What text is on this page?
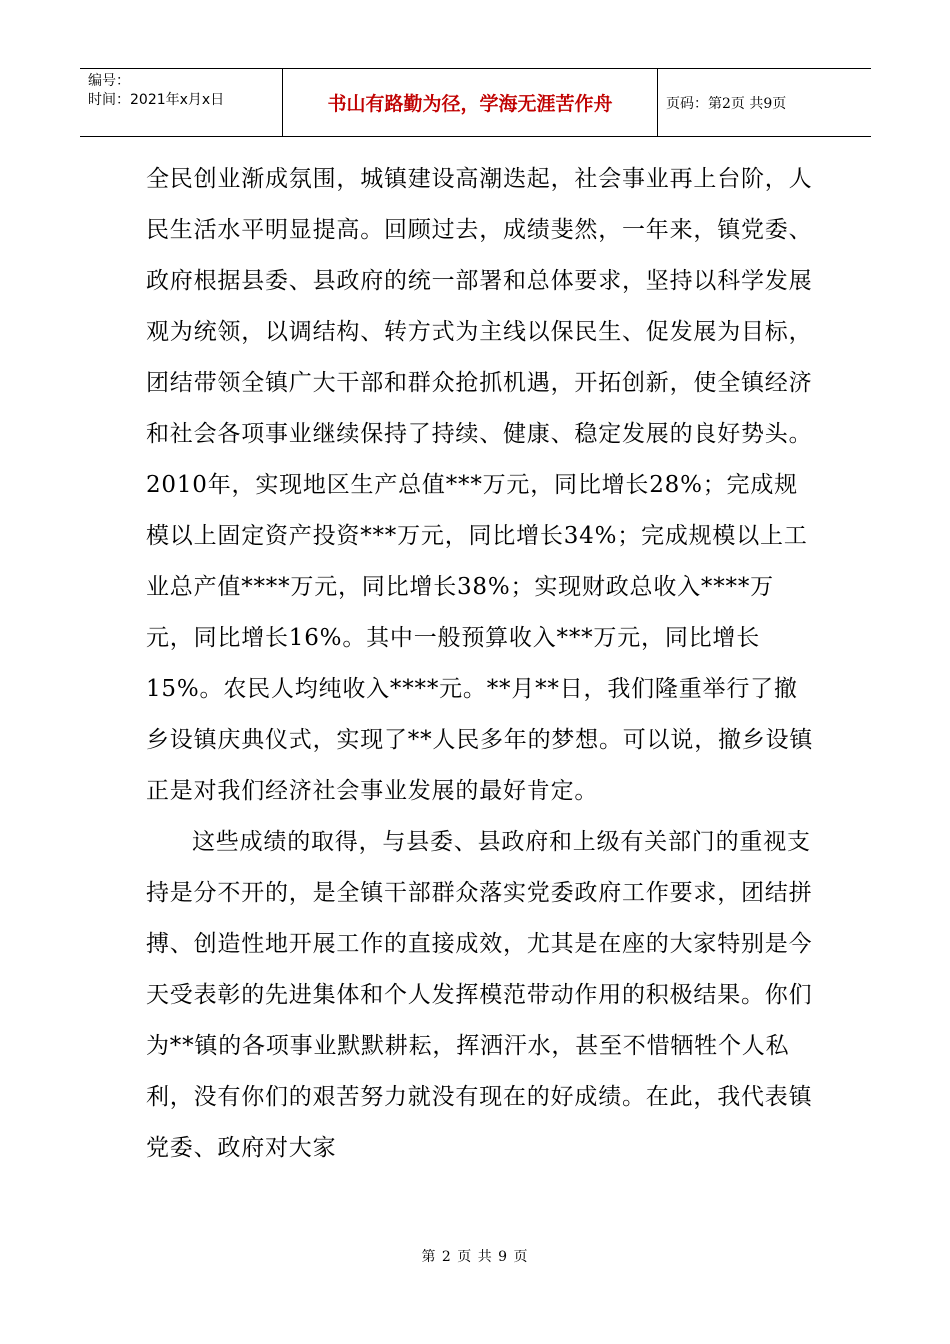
编号：
时间：2021年x月x日	书山有路勤为径，学海无涯苦作舟	页码：第2页 共9页

全民创业渐成氛围，城镇建设高潮迭起，社会事业再上台阶，人民生活水平明显提高。回顾过去，成绩斐然，一年来，镇党委、政府根据县委、县政府的统一部署和总体要求，坚持以科学发展观为统领，以调结构、转方式为主线以保民生、促发展为目标，团结带领全镇广大干部和群众抢抓机遇，开拓创新，使全镇经济和社会各项事业继续保持了持续、健康、稳定发展的良好势头。2010年，实现地区生产总值***万元，同比增长28%；完成规模以上固定资产投资***万元，同比增长34%；完成规模以上工业总产值****万元，同比增长38%；实现财政总收入****万元，同比增长16%。其中一般预算收入***万元，同比增长15%。农民人均纯收入****元。**月**日，我们隆重举行了撤乡设镇庆典仪式，实现了**人民多年的梦想。可以说，撤乡设镇正是对我们经济社会事业发展的最好肯定。

这些成绩的取得，与县委、县政府和上级有关部门的重视支持是分不开的，是全镇干部群众落实党委政府工作要求，团结拼搏、创造性地开展工作的直接成效，尤其是在座的大家特别是今天受表彰的先进集体和个人发挥模范带动作用的积极结果。你们为**镇的各项事业默默耕耘，挥洒汗水，甚至不惜牺牲个人私利，没有你们的艰苦努力就没有现在的好成绩。在此，我代表镇党委、政府对大家

第 2 页 共 9 页
